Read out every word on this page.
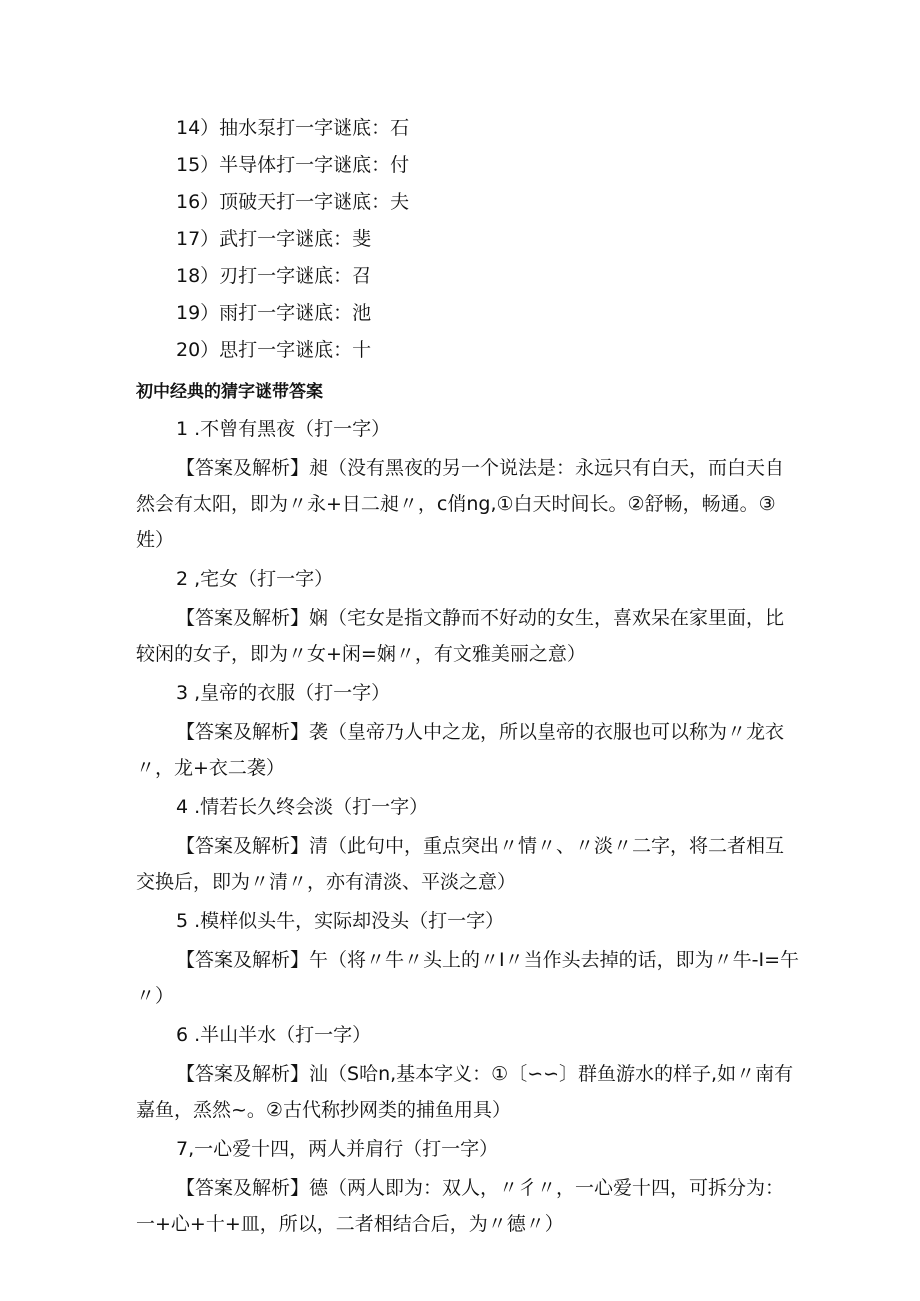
14）抽水泵打一字谜底：石
15）半导体打一字谜底：付
16）顶破天打一字谜底：夫
17）武打一字谜底：斐
18）刃打一字谜底：召
19）雨打一字谜底：池
20）思打一字谜底：十
初中经典的猜字谜带答案
1 .不曾有黑夜（打一字）

【答案及解析】昶（没有黑夜的另一个说法是：永远只有白天，而白天自然会有太阳，即为〃永+日二昶〃，c俏ng,①白天时间长。②舒畅，畅通。③姓）

2 ,宅女（打一字）

【答案及解析】娴（宅女是指文静而不好动的女生，喜欢呆在家里面，比较闲的女子，即为〃女+闲=娴〃，有文雅美丽之意）

3 ,皇帝的衣服（打一字）

【答案及解析】袭（皇帝乃人中之龙，所以皇帝的衣服也可以称为〃龙衣〃，龙+衣二袭）

4 .情若长久终会淡（打一字）

【答案及解析】清（此句中，重点突出〃情〃、〃淡〃二字，将二者相互交换后，即为〃清〃，亦有清淡、平淡之意）

5 .模样似头牛，实际却没头（打一字）

【答案及解析】午（将〃牛〃头上的〃I〃当作头去掉的话，即为〃牛-I=午〃）

6 .半山半水（打一字）

【答案及解析】汕（S哈n,基本字义：①〔∽∽〕群鱼游水的样子,如〃南有嘉鱼，烝然~。②古代称抄网类的捕鱼用具）

7,一心爱十四，两人并肩行（打一字）

【答案及解析】德（两人即为：双人，〃彳〃，一心爱十四，可拆分为：一+心+十+皿，所以，二者相结合后，为〃德〃）
